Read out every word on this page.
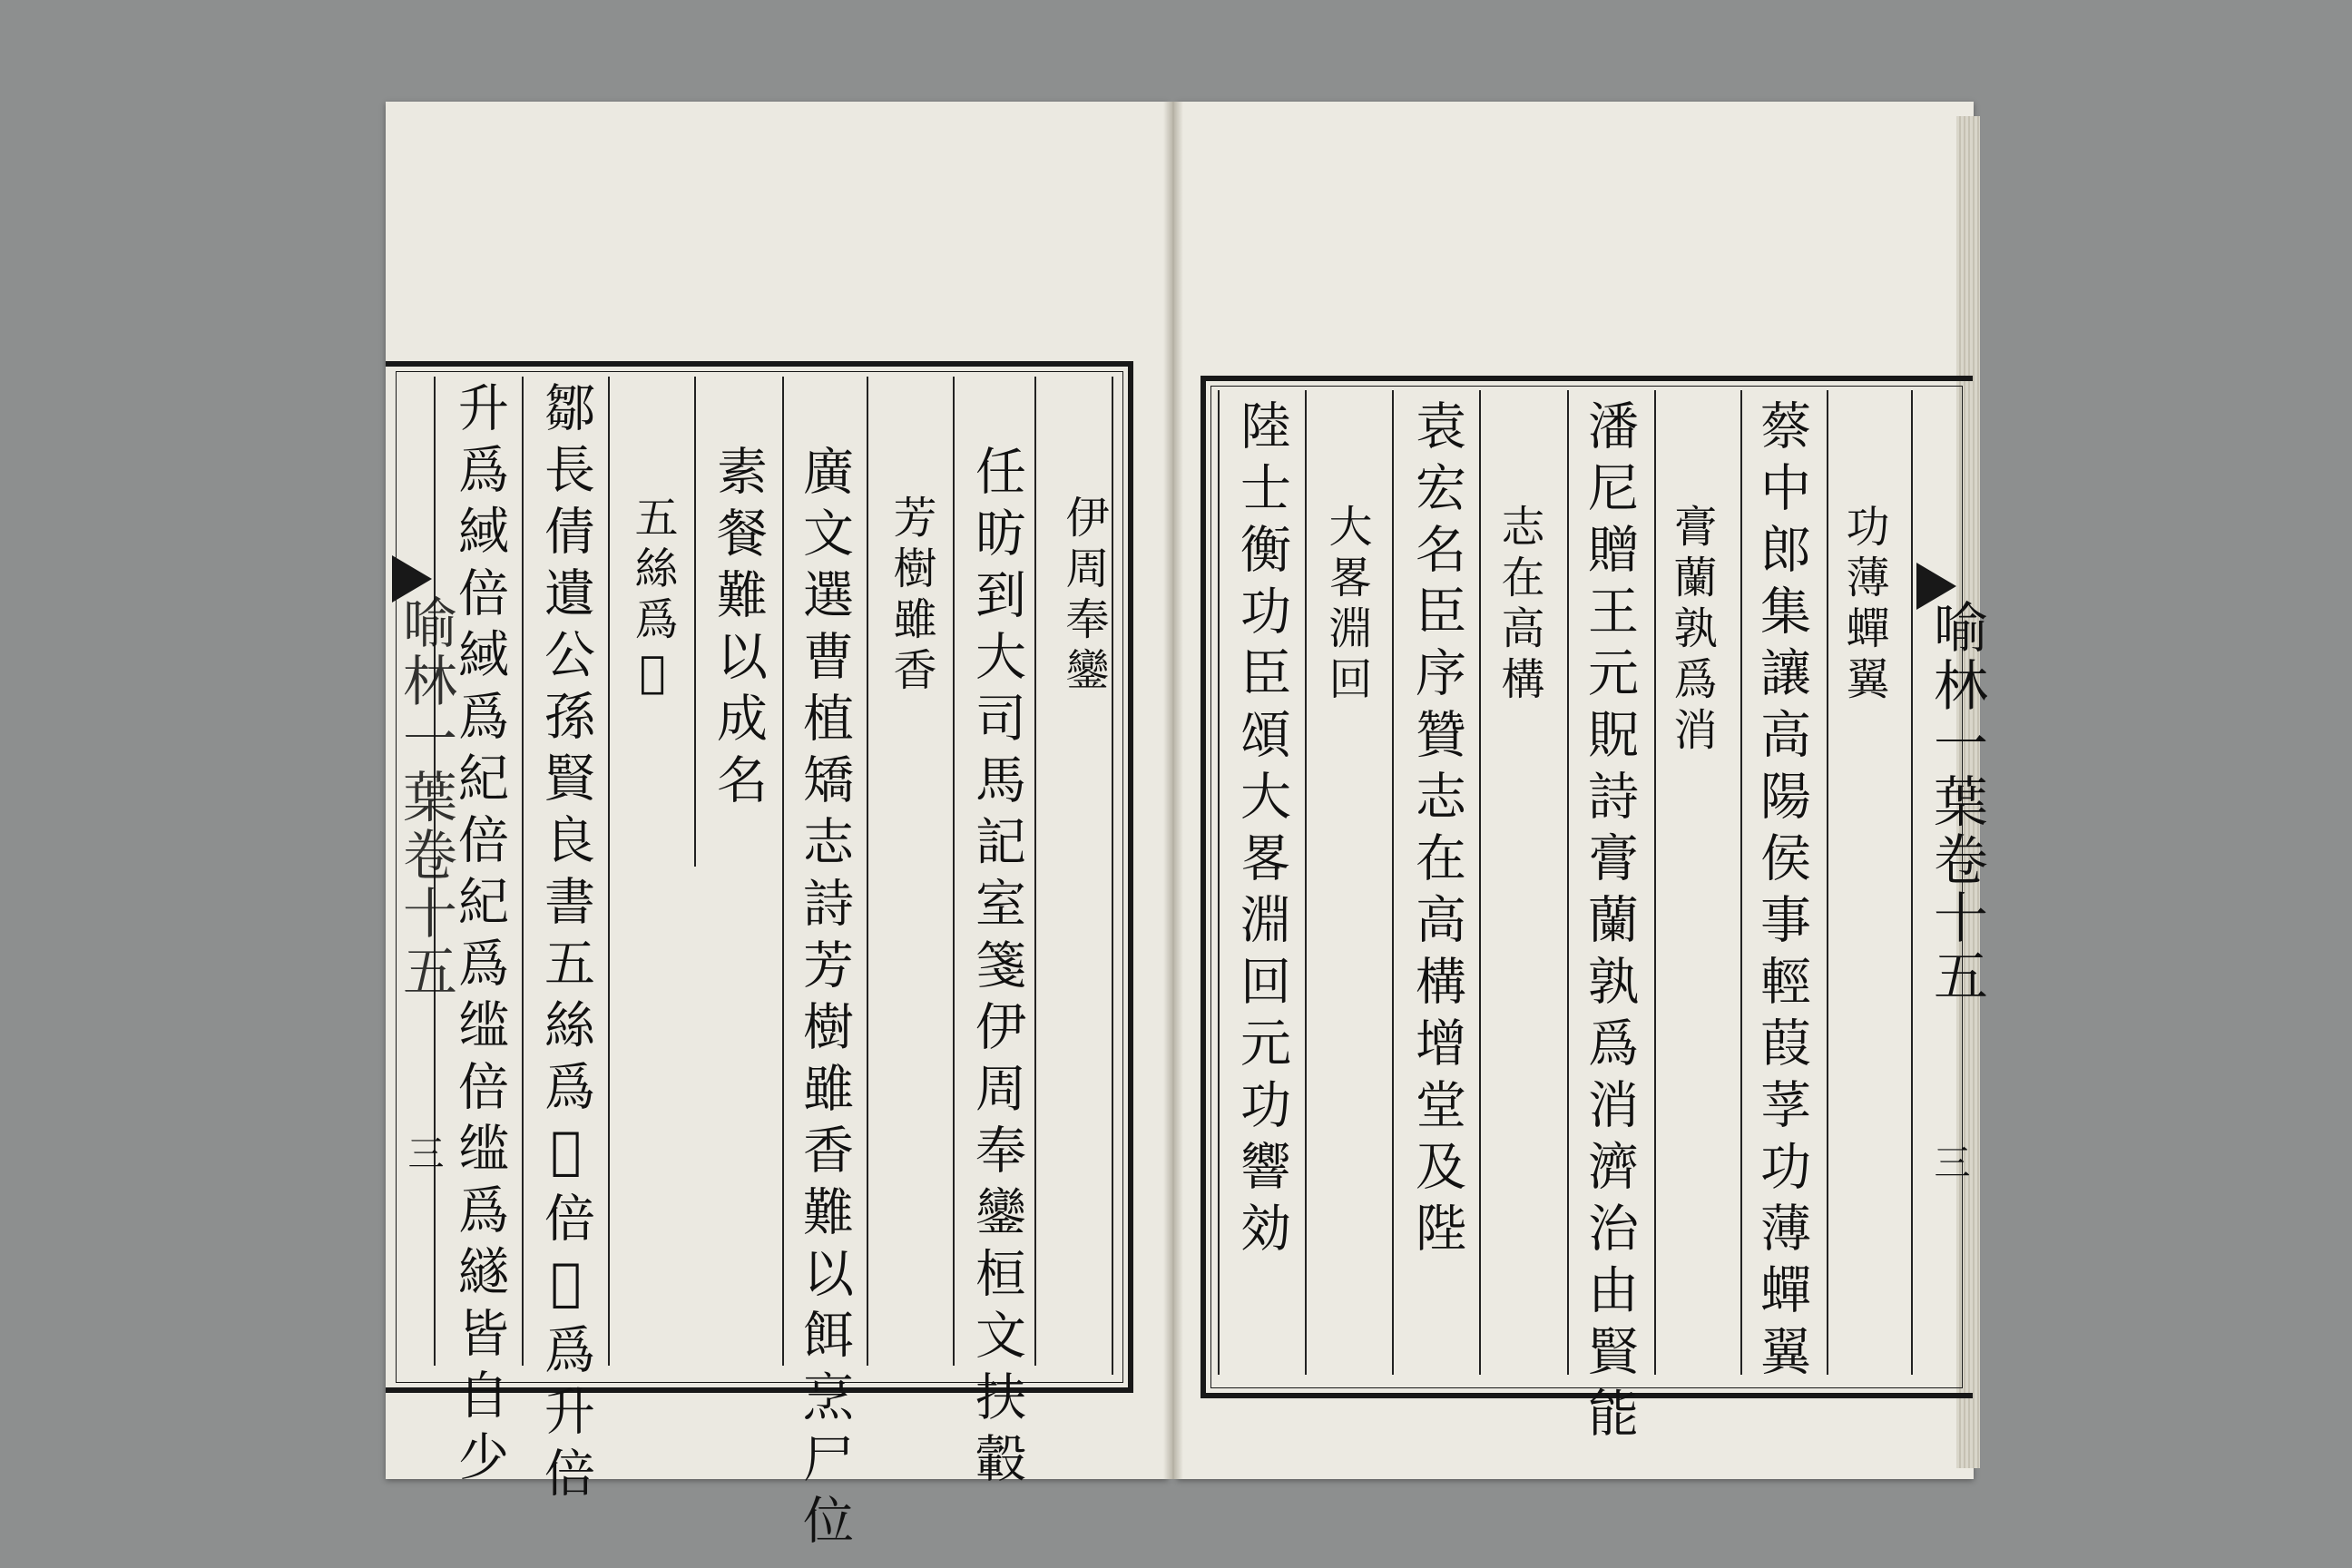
伊周奉鑾
任昉到大司馬記室箋伊周奉鑾桓文扶轂
芳樹雖香
廣文選曹植矯志詩芳樹雖香難以餌烹尸位
素餐難以成名
五絲爲𦄆
鄒長倩遺公孫賢良書五絲爲𦄆倍𦄆爲升倍
升爲緎倍緎爲紀倍紀爲䍀倍䍀爲繸皆自少
喻林一葉卷十五
三
功薄蟬翼
蔡中郎集讓高陽侯事輕葭莩功薄蟬翼
膏蘭孰爲消
潘尼贈王元貺詩膏蘭孰爲消濟治由賢能
志在高構
袁宏名臣序贊志在高構增堂及陛
大畧淵回
陸士衡功臣頌大畧淵回元功響効	喻林一葉卷十五
三
